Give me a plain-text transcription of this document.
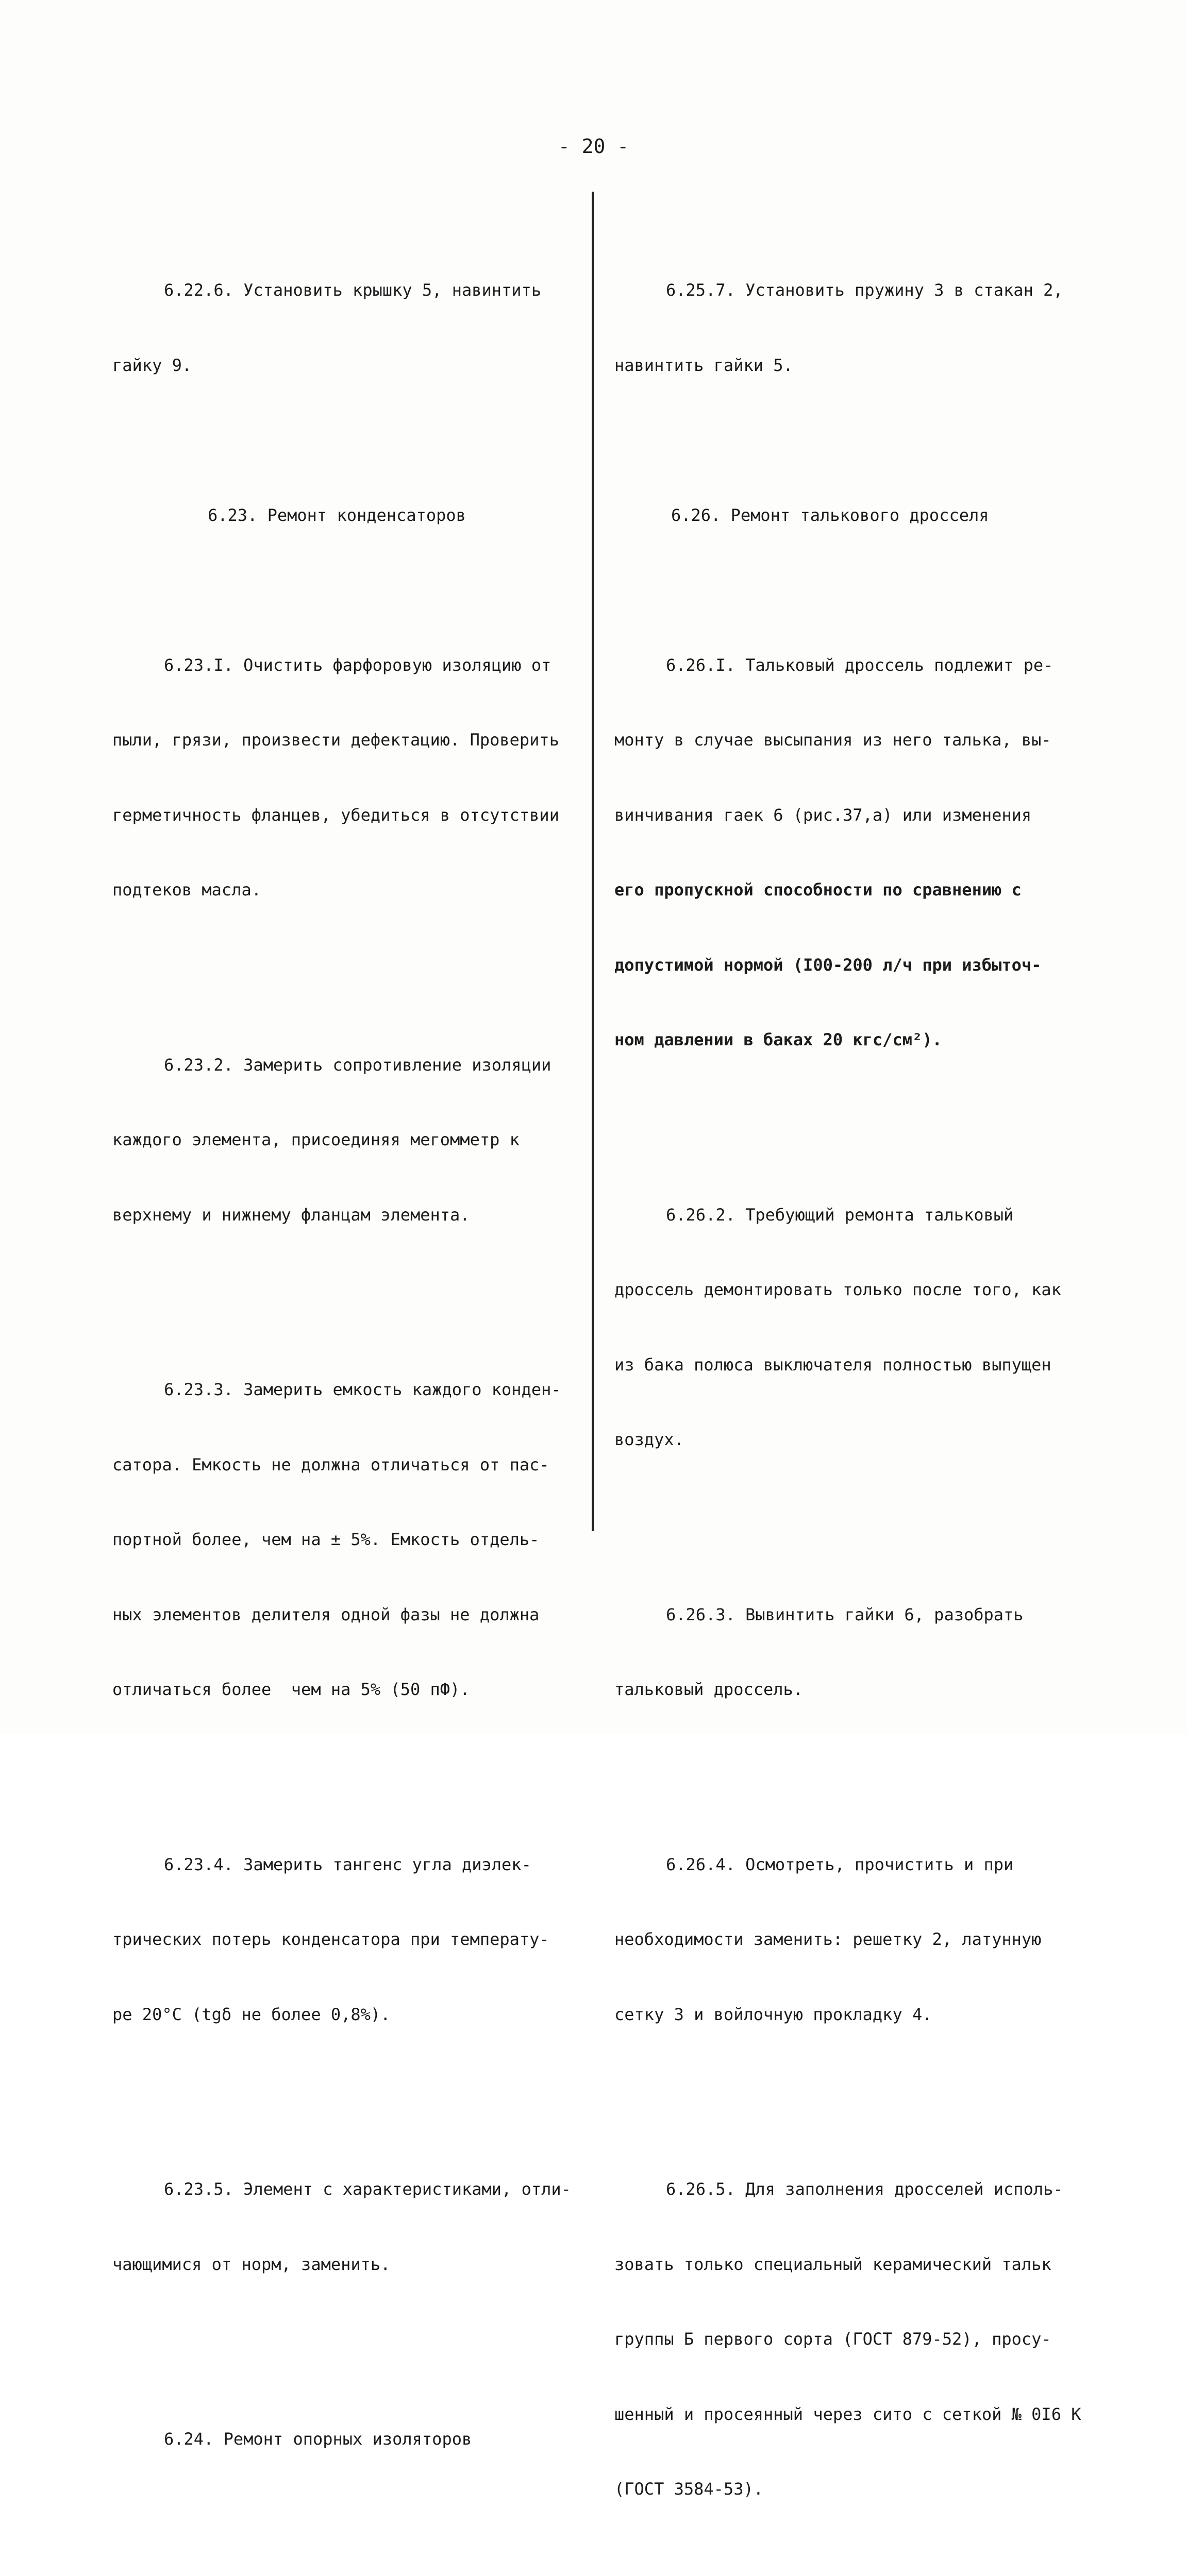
- 20 -

6.22.6. Установить крышку 5, навинтить

гайку 9.

6.23. Ремонт конденсаторов

6.23.I. Очистить фарфоровую изоляцию от

пыли, грязи, произвести дефектацию. Проверить

герметичность фланцев, убедиться в отсутствии

подтеков масла.

6.23.2. Замерить сопротивление изоляции

каждого элемента, присоединяя мегомметр к

верхнему и нижнему фланцам элемента.

6.23.3. Замерить емкость каждого конден-

сатора. Емкость не должна отличаться от пас-

портной более, чем на ± 5%. Емкость отдель-

ных элементов делителя одной фазы не должна

отличаться более  чем на 5% (50 пФ).

6.23.4. Замерить тангенс угла диэлек-

трических потерь конденсатора при температу-

ре 20°С (tgδ не более 0,8%).

6.23.5. Элемент с характеристиками, отли-

чающимися от норм, заменить.

6.24. Ремонт опорных изоляторов

6.25.7. Установить пружину 3 в стакан 2,

навинтить гайки 5.

6.26. Ремонт талькового дросселя

6.26.I. Тальковый дроссель подлежит ре-

монту в случае высыпания из него талька, вы-

винчивания гаек 6 (рис.37,а) или изменения

его пропускной способности по сравнению с

допустимой нормой (I00-200 л/ч при избыточ-

ном давлении в баках 20 кгс/см²).

6.26.2. Требующий ремонта тальковый

дроссель демонтировать только после того, как

из бака полюса выключателя полностью выпущен

воздух.

6.26.3. Вывинтить гайки 6, разобрать

тальковый дроссель.

6.26.4. Осмотреть, прочистить и при

необходимости заменить: решетку 2, латунную

сетку 3 и войлочную прокладку 4.

6.26.5. Для заполнения дросселей исполь-

зовать только специальный керамический тальк

группы Б первого сорта (ГОСТ 879-52), просу-

шенный и просеянный через сито с сеткой № 0I6 К

(ГОСТ 3584-53).
